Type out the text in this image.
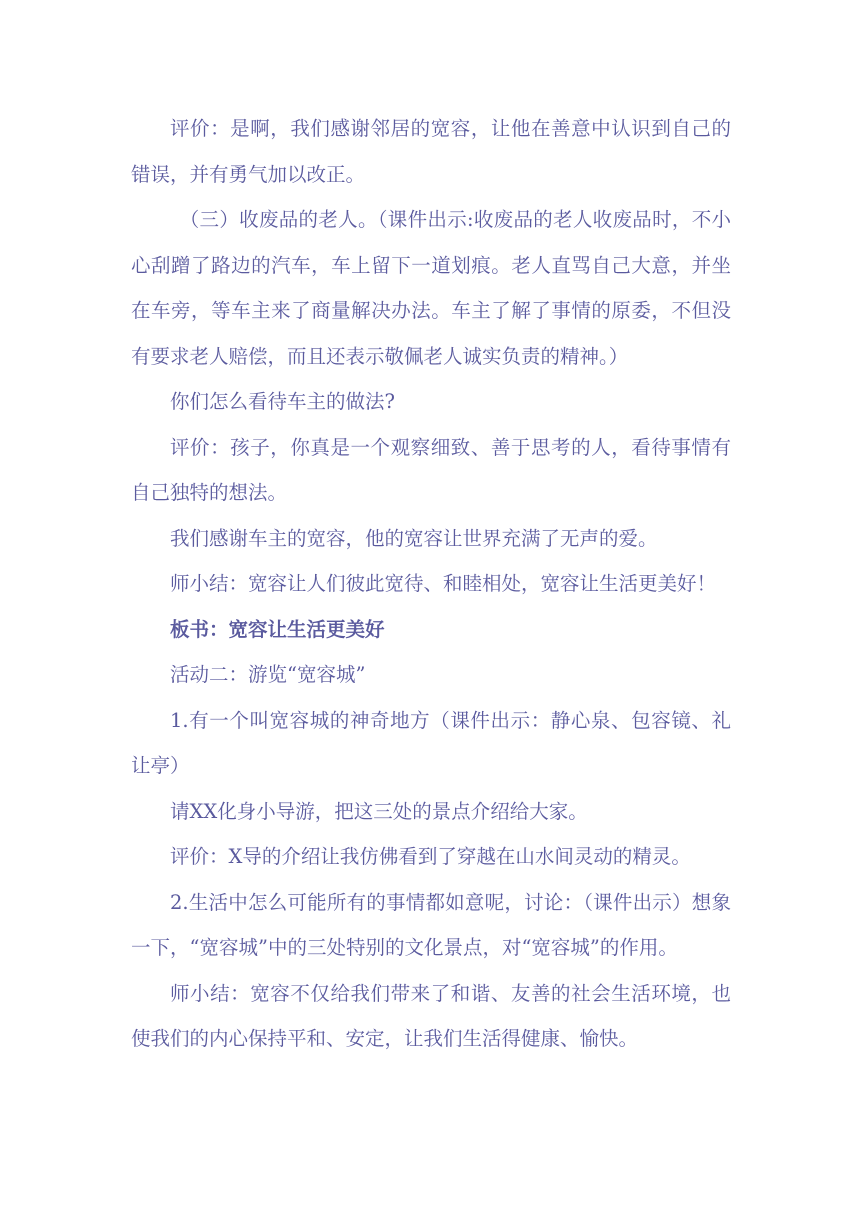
评价：是啊，我们感谢邻居的宽容，让他在善意中认识到自己的错误，并有勇气加以改正。

（三）收废品的老人。（课件出示:收废品的老人收废品时，不小心刮蹭了路边的汽车，车上留下一道划痕。老人直骂自己大意，并坐在车旁，等车主来了商量解决办法。车主了解了事情的原委，不但没有要求老人赔偿，而且还表示敬佩老人诚实负责的精神。）

你们怎么看待车主的做法?

评价：孩子，你真是一个观察细致、善于思考的人，看待事情有自己独特的想法。

我们感谢车主的宽容，他的宽容让世界充满了无声的爱。

师小结：宽容让人们彼此宽待、和睦相处，宽容让生活更美好！

板书：宽容让生活更美好

活动二：游览“宽容城”

1.有一个叫宽容城的神奇地方（课件出示：静心泉、包容镜、礼让亭）

请XX化身小导游，把这三处的景点介绍给大家。

评价：X导的介绍让我仿佛看到了穿越在山水间灵动的精灵。

2.生活中怎么可能所有的事情都如意呢，讨论：（课件出示）想象一下，“宽容城”中的三处特别的文化景点，对“宽容城”的作用。

师小结：宽容不仅给我们带来了和谐、友善的社会生活环境，也使我们的内心保持平和、安定，让我们生活得健康、愉快。
